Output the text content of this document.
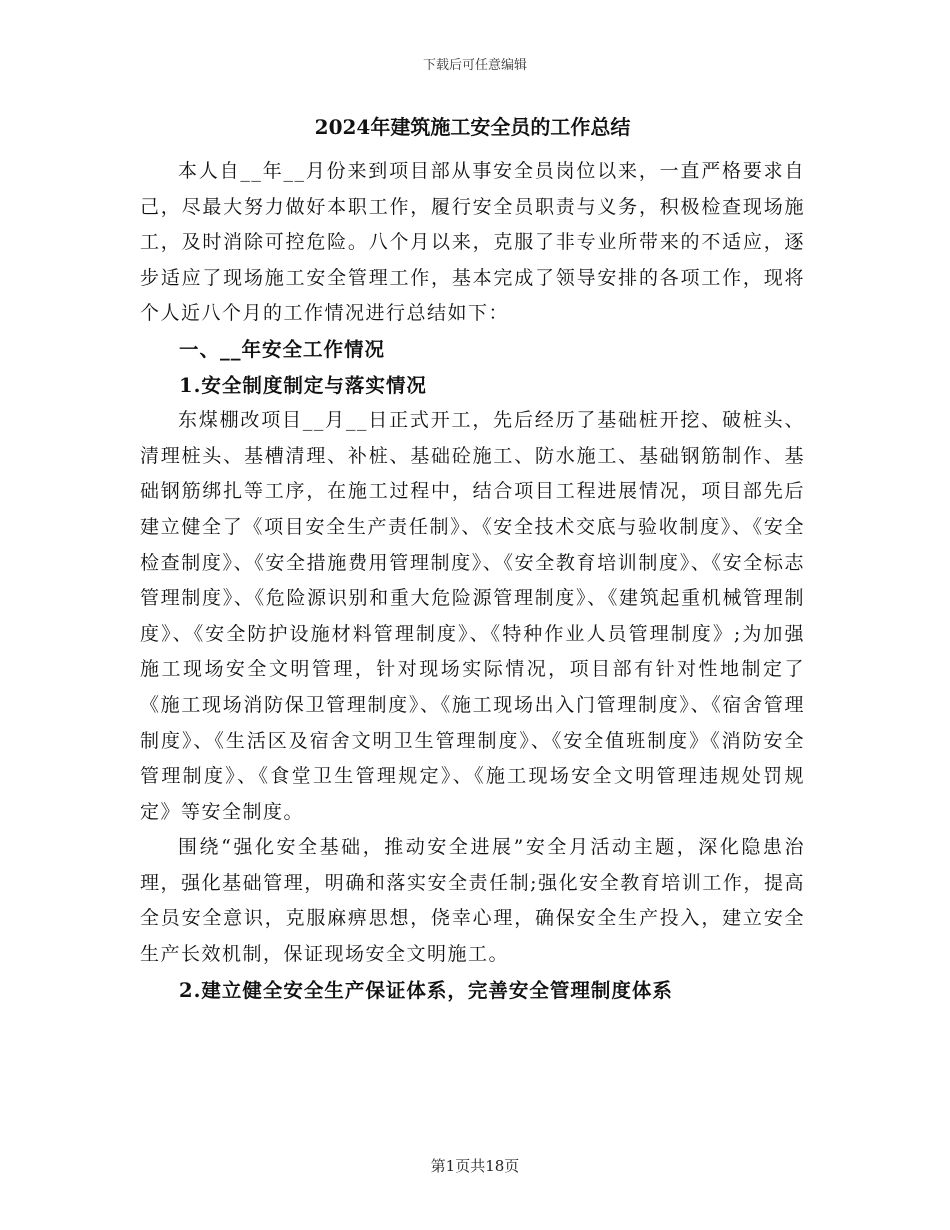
下载后可任意编辑
2024年建筑施工安全员的工作总结

本人自__年__月份来到项目部从事安全员岗位以来，一直严格要求自己，尽最大努力做好本职工作，履行安全员职责与义务，积极检查现场施工，及时消除可控危险。八个月以来，克服了非专业所带来的不适应，逐步适应了现场施工安全管理工作，基本完成了领导安排的各项工作，现将个人近八个月的工作情况进行总结如下：

一、__年安全工作情况

1.安全制度制定与落实情况

东煤棚改项目__月__日正式开工，先后经历了基础桩开挖、破桩头、清理桩头、基槽清理、补桩、基础砼施工、防水施工、基础钢筋制作、基础钢筋绑扎等工序，在施工过程中，结合项目工程进展情况，项目部先后建立健全了《项目安全生产责任制》、《安全技术交底与验收制度》、《安全检查制度》、《安全措施费用管理制度》、《安全教育培训制度》、《安全标志管理制度》、《危险源识别和重大危险源管理制度》、《建筑起重机械管理制度》、《安全防护设施材料管理制度》、《特种作业人员管理制度》;为加强施工现场安全文明管理，针对现场实际情况，项目部有针对性地制定了《施工现场消防保卫管理制度》、《施工现场出入门管理制度》、《宿舍管理制度》、《生活区及宿舍文明卫生管理制度》、《安全值班制度》《消防安全管理制度》、《食堂卫生管理规定》、《施工现场安全文明管理违规处罚规定》等安全制度。

围绕“强化安全基础，推动安全进展”安全月活动主题，深化隐患治理，强化基础管理，明确和落实安全责任制;强化安全教育培训工作，提高全员安全意识，克服麻痹思想，侥幸心理，确保安全生产投入，建立安全生产长效机制，保证现场安全文明施工。

2.建立健全安全生产保证体系，完善安全管理制度体系

第1页共18页
